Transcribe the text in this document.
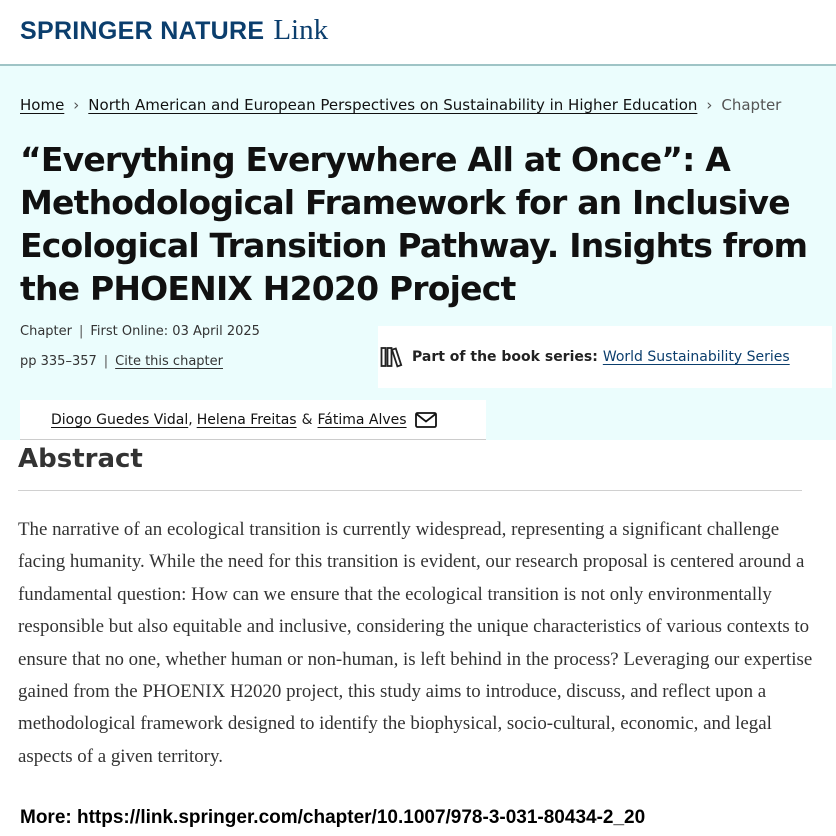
SPRINGER NATURE Link
Home › North American and European Perspectives on Sustainability in Higher Education › Chapter
“Everything Everywhere All at Once”: A Methodological Framework for an Inclusive Ecological Transition Pathway. Insights from the PHOENIX H2020 Project
Chapter | First Online: 03 April 2025
pp 335–357 | Cite this chapter	Part of the book series: World Sustainability Series
Diogo Guedes Vidal , Helena Freitas & Fátima Alves
Abstract

The narrative of an ecological transition is currently widespread, representing a significant challenge facing humanity. While the need for this transition is evident, our research proposal is centered around a fundamental question: How can we ensure that the ecological transition is not only environmentally responsible but also equitable and inclusive, considering the unique characteristics of various contexts to ensure that no one, whether human or non-human, is left behind in the process? Leveraging our expertise gained from the PHOENIX H2020 project, this study aims to introduce, discuss, and reflect upon a methodological framework designed to identify the biophysical, socio-cultural, economic, and legal aspects of a given territory.

More: https://link.springer.com/chapter/10.1007/978-3-031-80434-2_20
